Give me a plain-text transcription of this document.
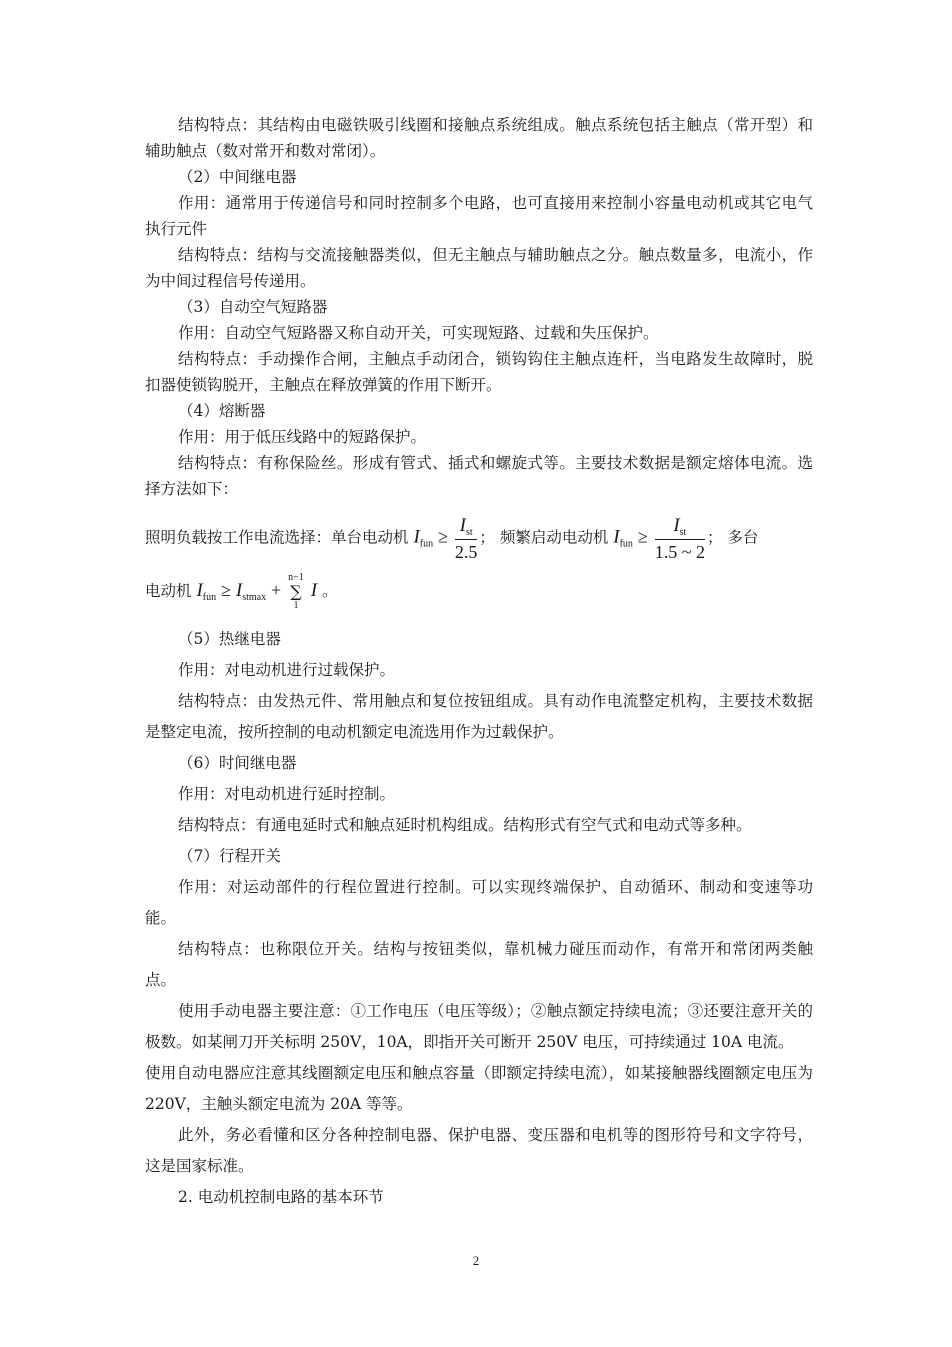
结构特点：其结构由电磁铁吸引线圈和接触点系统组成。触点系统包括主触点（常开型）和辅助触点（数对常开和数对常闭）。

（2）中间继电器

作用：通常用于传递信号和同时控制多个电路，也可直接用来控制小容量电动机或其它电气执行元件

结构特点：结构与交流接触器类似，但无主触点与辅助触点之分。触点数量多，电流小，作为中间过程信号传递用。

（3）自动空气短路器

作用：自动空气短路器又称自动开关，可实现短路、过载和失压保护。

结构特点：手动操作合闸，主触点手动闭合，锁钩钩住主触点连杆，当电路发生故障时，脱扣器使锁钩脱开，主触点在释放弹簧的作用下断开。

（4）熔断器

作用：用于低压线路中的短路保护。

结构特点：有称保险丝。形成有管式、插式和螺旋式等。主要技术数据是额定熔体电流。选择方法如下：

照明负载按工作电流选择：单台电动机 $I_{fun} \ge \frac{I_{st}}{2.5}$ ； 频繁启动电动机 $I_{fun} \ge \frac{I_{st}}{1.5 \sim 2}$ ； 多台
电动机 $I_{fun} \ge I_{stmax}$ +
n−1
∑
1
I 。

（5）热继电器

作用：对电动机进行过载保护。

结构特点：由发热元件、常用触点和复位按钮组成。具有动作电流整定机构，主要技术数据是整定电流，按所控制的电动机额定电流选用作为过载保护。

（6）时间继电器

作用：对电动机进行延时控制。

结构特点：有通电延时式和触点延时机构组成。结构形式有空气式和电动式等多种。

（7）行程开关

作用：对运动部件的行程位置进行控制。可以实现终端保护、自动循环、制动和变速等功能。

结构特点：也称限位开关。结构与按钮类似，靠机械力碰压而动作，有常开和常闭两类触点。

使用手动电器主要注意：①工作电压（电压等级）；②触点额定持续电流；③还要注意开关的极数。如某闸刀开关标明 250V，10A，即指开关可断开 250V 电压，可持续通过 10A 电流。

使用自动电器应注意其线圈额定电压和触点容量（即额定持续电流），如某接触器线圈额定电压为 220V，主触头额定电流为 20A 等等。

此外，务必看懂和区分各种控制电器、保护电器、变压器和电机等的图形符号和文字符号，这是国家标准。

2. 电动机控制电路的基本环节

2
